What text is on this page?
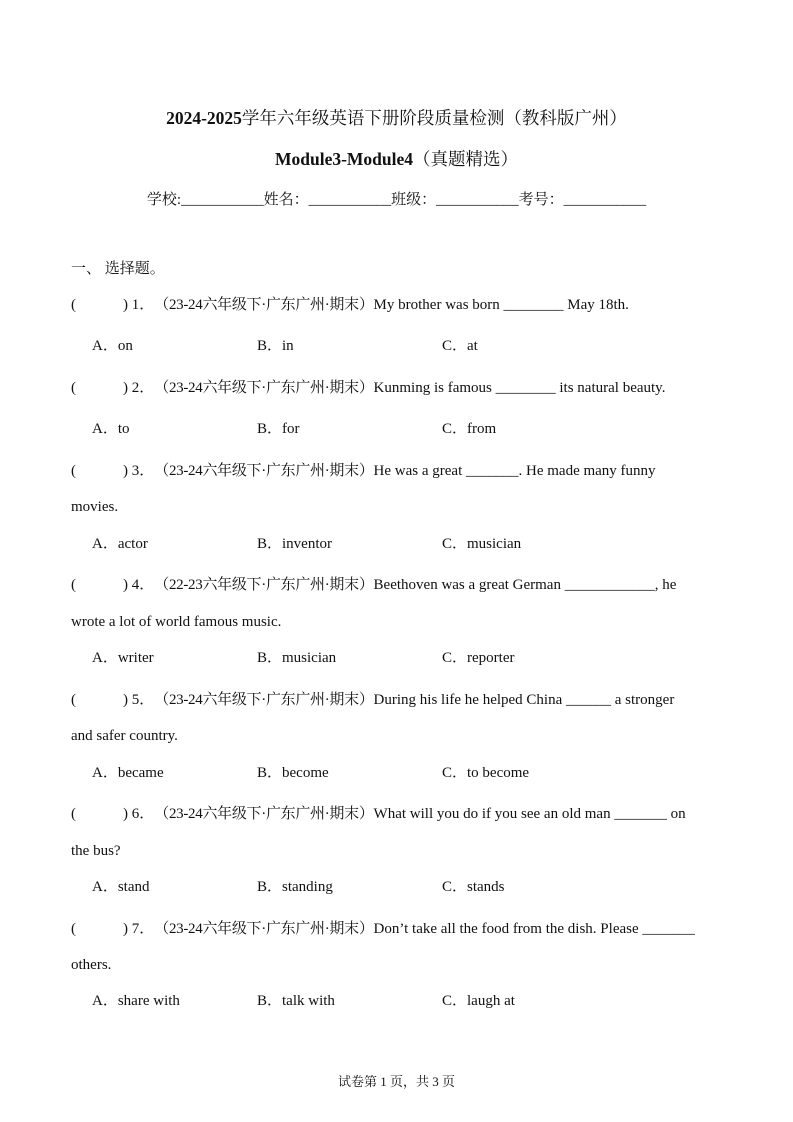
2024-2025学年六年级英语下册阶段质量检测（教科版广州）
Module3-Module4（真题精选）
学校:___________姓名：___________班级：___________考号：___________
一、 选择题。
(	) 1．（23-24六年级下·广东广州·期末）My brother was born ________ May 18th.
A．on	B．in	C．at
(	) 2．（23-24六年级下·广东广州·期末）Kunming is famous ________ its natural beauty.
A．to	B．for	C．from
(	) 3．（23-24六年级下·广东广州·期末）He was a great _______. He made many funny
movies.
A．actor	B．inventor	C．musician
(	) 4．（22-23六年级下·广东广州·期末）Beethoven was a great German ____________, he
wrote a lot of world famous music.
A．writer	B．musician	C．reporter
(	) 5．（23-24六年级下·广东广州·期末）During his life he helped China ______ a stronger
and safer country.
A．became	B．become	C．to become
(	) 6．（23-24六年级下·广东广州·期末）What will you do if you see an old man _______ on
the bus?
A．stand	B．standing	C．stands
(	) 7．（23-24六年级下·广东广州·期末）Don’t take all the food from the dish. Please _______
others.
A．share with	B．talk with	C．laugh at
试卷第 1 页，共 3 页
